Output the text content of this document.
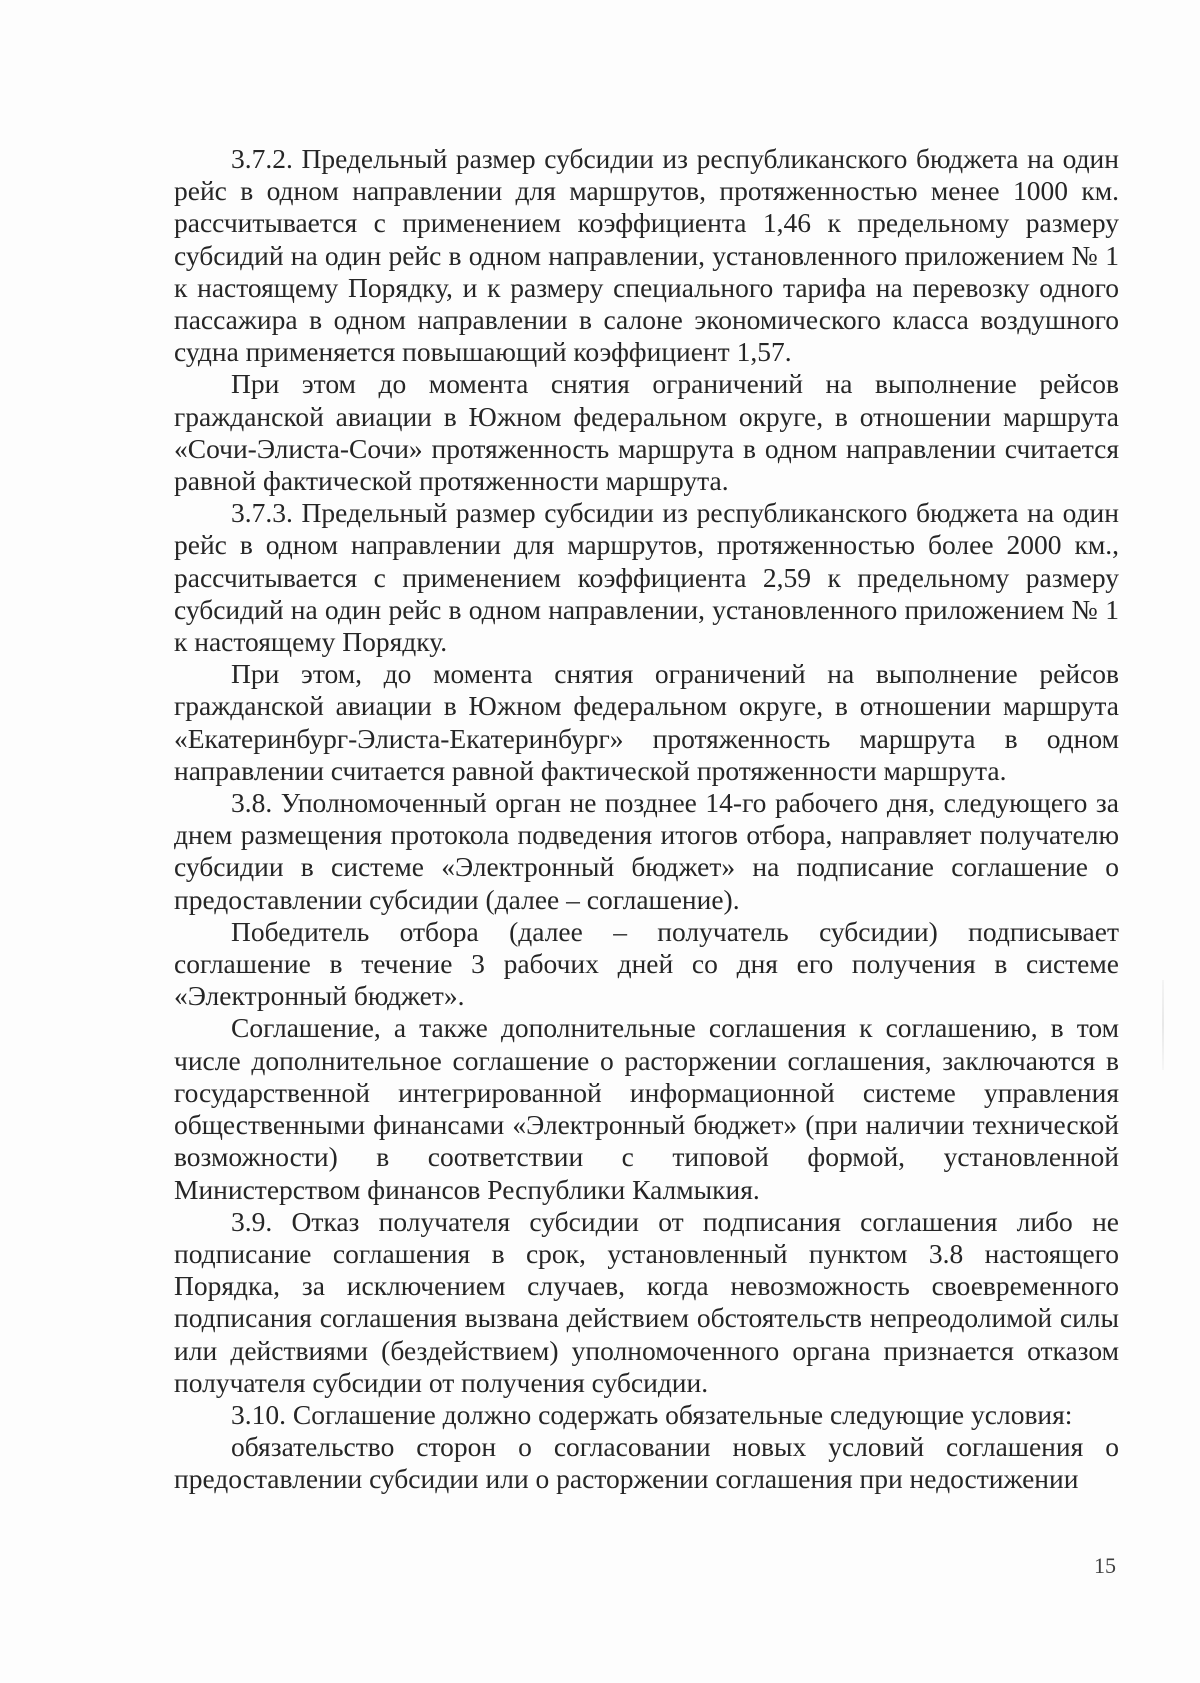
3.7.2. Предельный размер субсидии из республиканского бюджета на один рейс в одном направлении для маршрутов, протяженностью менее 1000 км. рассчитывается с применением коэффициента 1,46 к предельному размеру субсидий на один рейс в одном направлении, установленного приложением № 1 к настоящему Порядку, и к размеру специального тарифа на перевозку одного пассажира в одном направлении в салоне экономического класса воздушного судна применяется повышающий коэффициент 1,57.

При этом до момента снятия ограничений на выполнение рейсов гражданской авиации в Южном федеральном округе, в отношении маршрута «Сочи-Элиста-Сочи» протяженность маршрута в одном направлении считается равной фактической протяженности маршрута.

3.7.3. Предельный размер субсидии из республиканского бюджета на один рейс в одном направлении для маршрутов, протяженностью более 2000 км., рассчитывается с применением коэффициента 2,59 к предельному размеру субсидий на один рейс в одном направлении, установленного приложением № 1 к настоящему Порядку.

При этом, до момента снятия ограничений на выполнение рейсов гражданской авиации в Южном федеральном округе, в отношении маршрута «Екатеринбург-Элиста-Екатеринбург» протяженность маршрута в одном направлении считается равной фактической протяженности маршрута.

3.8. Уполномоченный орган не позднее 14-го рабочего дня, следующего за днем размещения протокола подведения итогов отбора, направляет получателю субсидии в системе «Электронный бюджет» на подписание соглашение о предоставлении субсидии (далее – соглашение).

Победитель отбора (далее – получатель субсидии) подписывает соглашение в течение 3 рабочих дней со дня его получения в системе «Электронный бюджет».

Соглашение, а также дополнительные соглашения к соглашению, в том числе дополнительное соглашение о расторжении соглашения, заключаются в государственной интегрированной информационной системе управления общественными финансами «Электронный бюджет» (при наличии технической возможности) в соответствии с типовой формой, установленной Министерством финансов Республики Калмыкия.

3.9. Отказ получателя субсидии от подписания соглашения либо не подписание соглашения в срок, установленный пунктом 3.8 настоящего Порядка, за исключением случаев, когда невозможность своевременного подписания соглашения вызвана действием обстоятельств непреодолимой силы или действиями (бездействием) уполномоченного органа признается отказом получателя субсидии от получения субсидии.

3.10. Соглашение должно содержать обязательные следующие условия:

обязательство сторон о согласовании новых условий соглашения о предоставлении субсидии или о расторжении соглашения при недостижении

15
